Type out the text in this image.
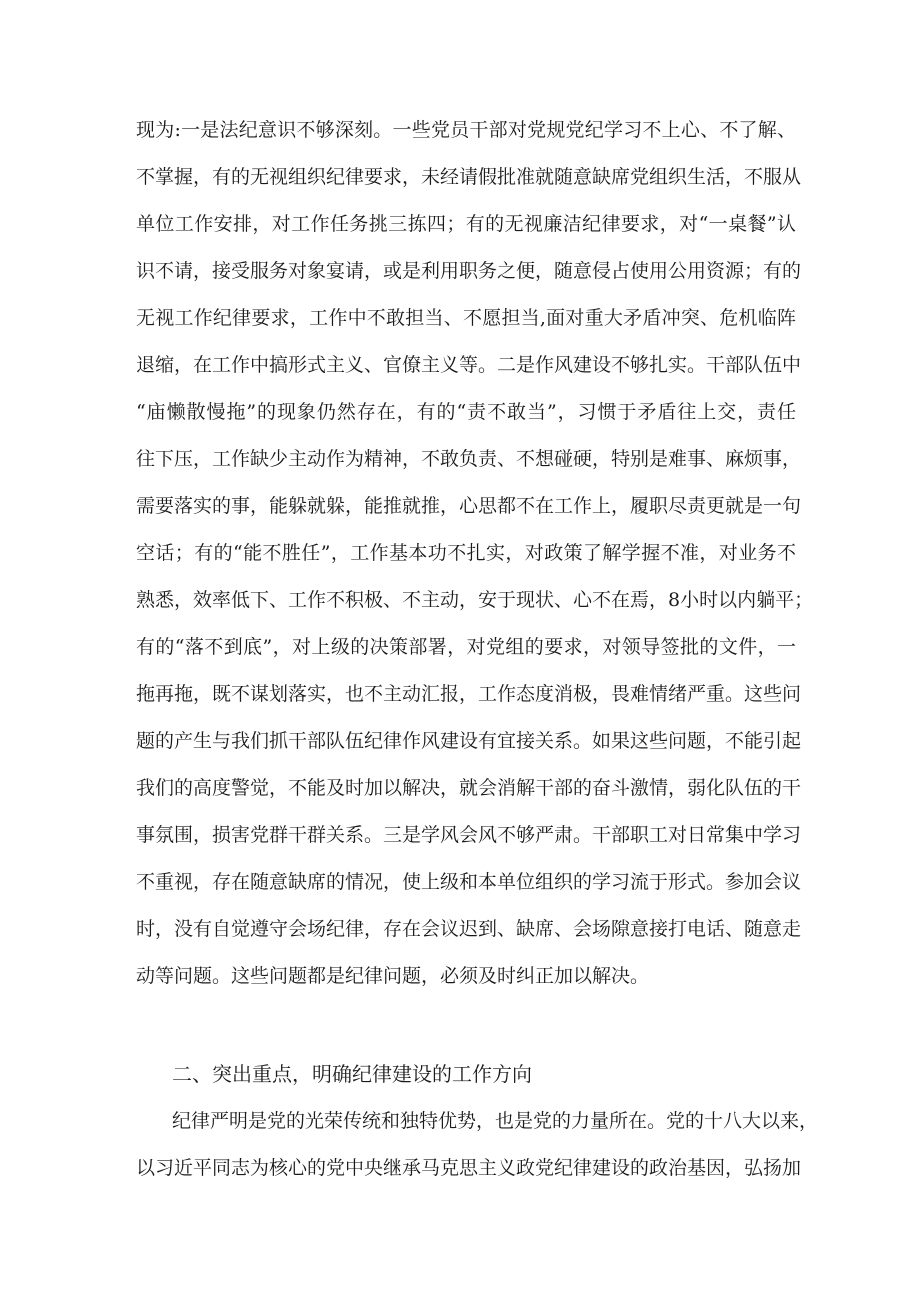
现为:一是法纪意识不够深刻。一些党员干部对党规党纪学习不上心、不了解、
不掌握，有的无视组织纪律要求，未经请假批准就随意缺席党组织生活，不服从
单位工作安排，对工作任务挑三拣四；有的无视廉洁纪律要求，对“一桌餐”认
识不请，接受服务对象宴请，或是利用职务之便，随意侵占使用公用资源；有的
无视工作纪律要求，工作中不敢担当、不愿担当,面对重大矛盾冲突、危机临阵
退缩，在工作中搞形式主义、官僚主义等。二是作风建设不够扎实。干部队伍中
“庙懒散慢拖”的现象仍然存在，有的“责不敢当”，习惯于矛盾往上交，责任
往下压，工作缺少主动作为精神，不敢负责、不想碰硬，特别是难事、麻烦事，
需要落实的事，能躲就躲，能推就推，心思都不在工作上，履职尽责更就是一句
空话；有的“能不胜任”，工作基本功不扎实，对政策了解学握不准，对业务不
熟悉，效率低下、工作不积极、不主动，安于现状、心不在焉，8小时以内躺平；
有的“落不到底”，对上级的决策部署，对党组的要求，对领导签批的文件，一
拖再拖，既不谋划落实，也不主动汇报，工作态度消极，畏难情绪严重。这些问
题的产生与我们抓干部队伍纪律作风建设有宜接关系。如果这些问题，不能引起
我们的高度警觉，不能及时加以解决，就会消解干部的奋斗激情，弱化队伍的干
事氛围，损害党群干群关系。三是学风会风不够严肃。干部职工对日常集中学习
不重视，存在随意缺席的情况，使上级和本单位组织的学习流于形式。参加会议
时，没有自觉遵守会场纪律，存在会议迟到、缺席、会场隙意接打电话、随意走
动等问题。这些问题都是纪律问题，必须及时纠正加以解决。
二、突出重点，明确纪律建设的工作方向
纪律严明是党的光荣传统和独特优势，也是党的力量所在。党的十八大以来，
以习近平同志为核心的党中央继承马克思主义政党纪律建设的政治基因，弘扬加
